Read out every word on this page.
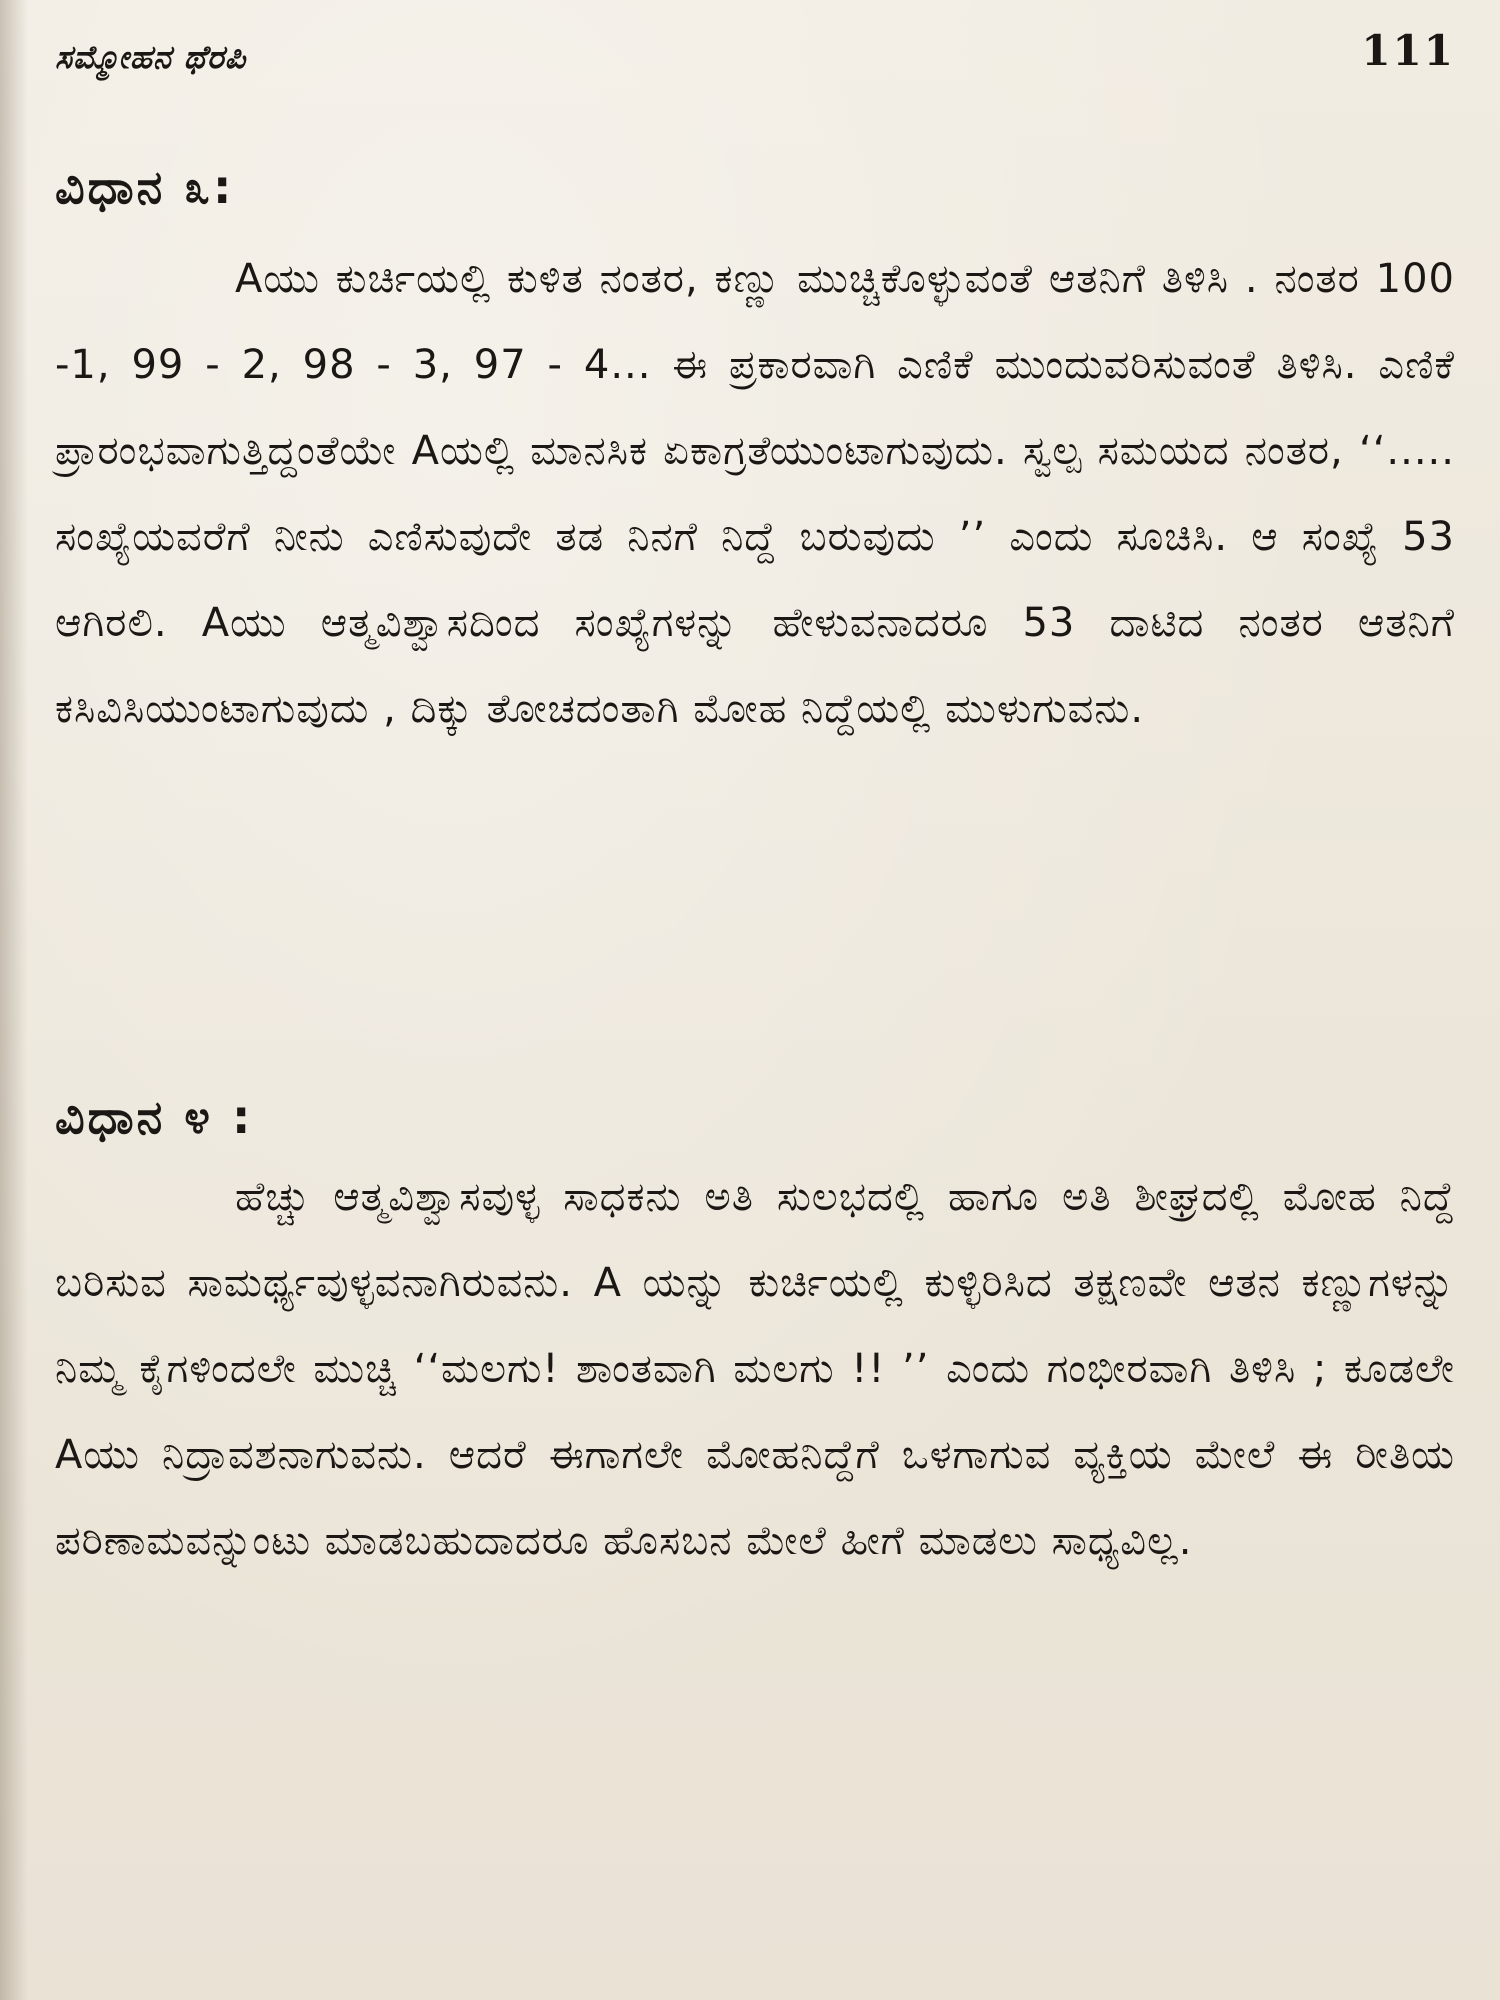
ಸಮ್ಮೋಹನ ಥೆರಪಿ	111
ವಿಧಾನ ೩:

Aಯು ಕುರ್ಚಿಯಲ್ಲಿ ಕುಳಿತ ನಂತರ, ಕಣ್ಣು ಮುಚ್ಚಿಕೊಳ್ಳುವಂತೆ ಆತನಿಗೆ ತಿಳಿಸಿ . ನಂತರ 100 -1, 99 - 2, 98 - 3, 97 - 4... ಈ ಪ್ರಕಾರವಾಗಿ ಎಣಿಕೆ ಮುಂದುವರಿಸುವಂತೆ ತಿಳಿಸಿ. ಎಣಿಕೆ ಪ್ರಾರಂಭವಾಗುತ್ತಿದ್ದಂತೆಯೇ Aಯಲ್ಲಿ ಮಾನಸಿಕ ಏಕಾಗ್ರತೆಯುಂಟಾಗುವುದು. ಸ್ವಲ್ಪ ಸಮಯದ ನಂತರ, ‘‘..... ಸಂಖ್ಯೆಯವರೆಗೆ ನೀನು ಎಣಿಸುವುದೇ ತಡ ನಿನಗೆ ನಿದ್ದೆ ಬರುವುದು ’’ ಎಂದು ಸೂಚಿಸಿ. ಆ ಸಂಖ್ಯೆ 53 ಆಗಿರಲಿ. Aಯು ಆತ್ಮವಿಶ್ವಾಸದಿಂದ ಸಂಖ್ಯೆಗಳನ್ನು ಹೇಳುವನಾದರೂ 53 ದಾಟಿದ ನಂತರ ಆತನಿಗೆ ಕಸಿವಿಸಿಯುಂಟಾಗುವುದು , ದಿಕ್ಕು ತೋಚದಂತಾಗಿ ಮೋಹ ನಿದ್ದೆಯಲ್ಲಿ ಮುಳುಗುವನು.

ವಿಧಾನ ೪ :

ಹೆಚ್ಚು ಆತ್ಮವಿಶ್ವಾಸವುಳ್ಳ ಸಾಧಕನು ಅತಿ ಸುಲಭದಲ್ಲಿ ಹಾಗೂ ಅತಿ ಶೀಘ್ರದಲ್ಲಿ ಮೋಹ ನಿದ್ದೆ ಬರಿಸುವ ಸಾಮರ್ಥ್ಯವುಳ್ಳವನಾಗಿರುವನು. A ಯನ್ನು ಕುರ್ಚಿಯಲ್ಲಿ ಕುಳ್ಳಿರಿಸಿದ ತಕ್ಷಣವೇ ಆತನ ಕಣ್ಣುಗಳನ್ನು ನಿಮ್ಮ ಕೈಗಳಿಂದಲೇ ಮುಚ್ಚಿ ‘‘ಮಲಗು! ಶಾಂತವಾಗಿ ಮಲಗು !! ’’ ಎಂದು ಗಂಭೀರವಾಗಿ ತಿಳಿಸಿ ; ಕೂಡಲೇ Aಯು ನಿದ್ರಾವಶನಾಗುವನು. ಆದರೆ ಈಗಾಗಲೇ ಮೋಹನಿದ್ದೆಗೆ ಒಳಗಾಗುವ ವ್ಯಕ್ತಿಯ ಮೇಲೆ ಈ ರೀತಿಯ ಪರಿಣಾಮವನ್ನುಂಟು ಮಾಡಬಹುದಾದರೂ ಹೊಸಬನ ಮೇಲೆ ಹೀಗೆ ಮಾಡಲು ಸಾಧ್ಯವಿಲ್ಲ.
